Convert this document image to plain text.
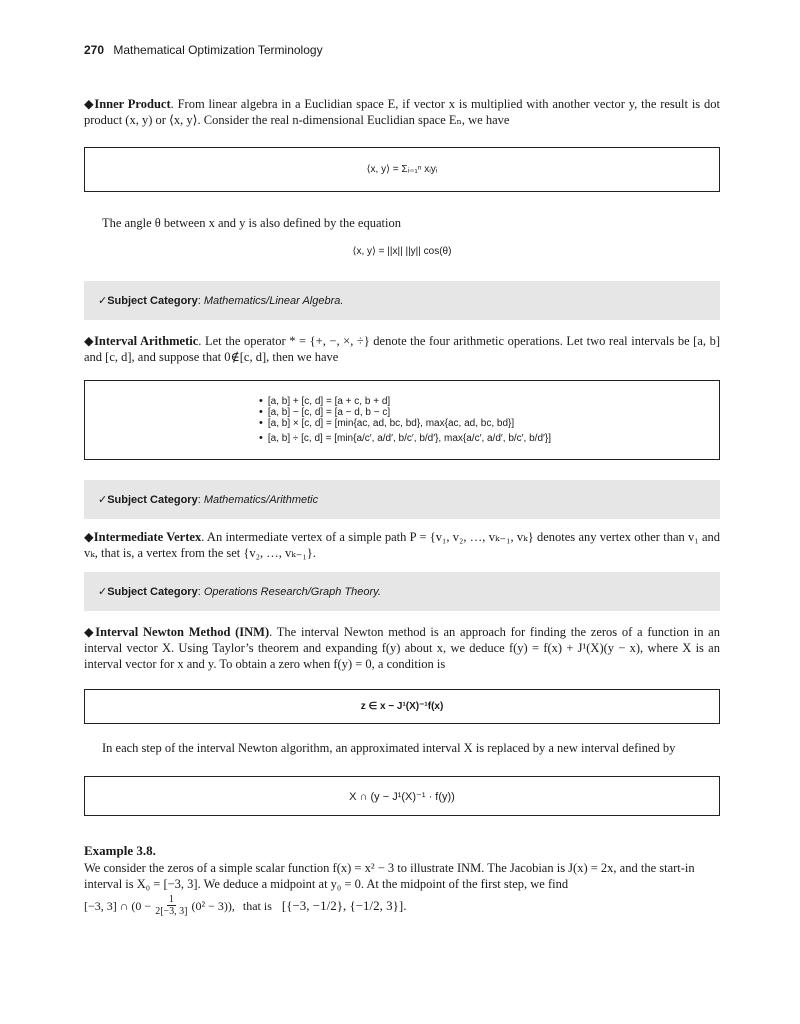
270 Mathematical Optimization Terminology
◆Inner Product. From linear algebra in a Euclidian space E, if vector x is multiplied with another vector y, the result is dot product (x, y) or ⟨x, y⟩. Consider the real n-dimensional Euclidian space Eₙ, we have
⟨x, y⟩ = Σᵢ₌₁ⁿ xᵢyᵢ
The angle θ between x and y is also defined by the equation
⟨x, y⟩ = ||x|| ||y|| cos(θ)
✓Subject Category: Mathematics/Linear Algebra.
◆Interval Arithmetic. Let the operator * = {+, −, ×, ÷} denote the four arithmetic operations. Let two real intervals be [a, b] and [c, d], and suppose that 0∉[c, d], then we have
• [a, b] + [c, d] = [a + c, b + d]
• [a, b] − [c, d] = [a − d, b − c]
• [a, b] × [c, d] = [min{ac, ad, bc, bd}, max{ac, ad, bc, bd}]
• [a, b] ÷ [c, d] = [min{a/c′, a/d′, b/c′, b/d′}, max{a/c′, a/d′, b/c′, b/d′}]
✓Subject Category: Mathematics/Arithmetic
◆Intermediate Vertex. An intermediate vertex of a simple path P = {v₁, v₂, …, vₖ₋₁, vₖ} denotes any vertex other than v₁ and vₖ, that is, a vertex from the set {v₂, …, vₖ₋₁}.
✓Subject Category: Operations Research/Graph Theory.
◆Interval Newton Method (INM). The interval Newton method is an approach for finding the zeros of a function in an interval vector X. Using Taylor’s theorem and expanding f(y) about x, we deduce f(y) = f(x) + J¹(X)(y − x), where X is an interval vector for x and y. To obtain a zero when f(y) = 0, a condition is
z ∈ x − J¹(X)⁻¹f(x)
In each step of the interval Newton algorithm, an approximated interval X is replaced by a new interval defined by
X ∩ (y − J¹(X)⁻¹ · f(y))
Example 3.8.
We consider the zeros of a simple scalar function f(x) = x² − 3 to illustrate INM. The Jacobian is J(x) = 2x, and the start-in
interval is X₀ = [−3, 3]. We deduce a midpoint at y₀ = 0. At the midpoint of the first step, we find
[−3, 3] ∩ $(0 - \frac{1}{2[-3, 3]} (0^2 - 3))$, that is [{−3, −1/2}, {−1/2, 3}].
